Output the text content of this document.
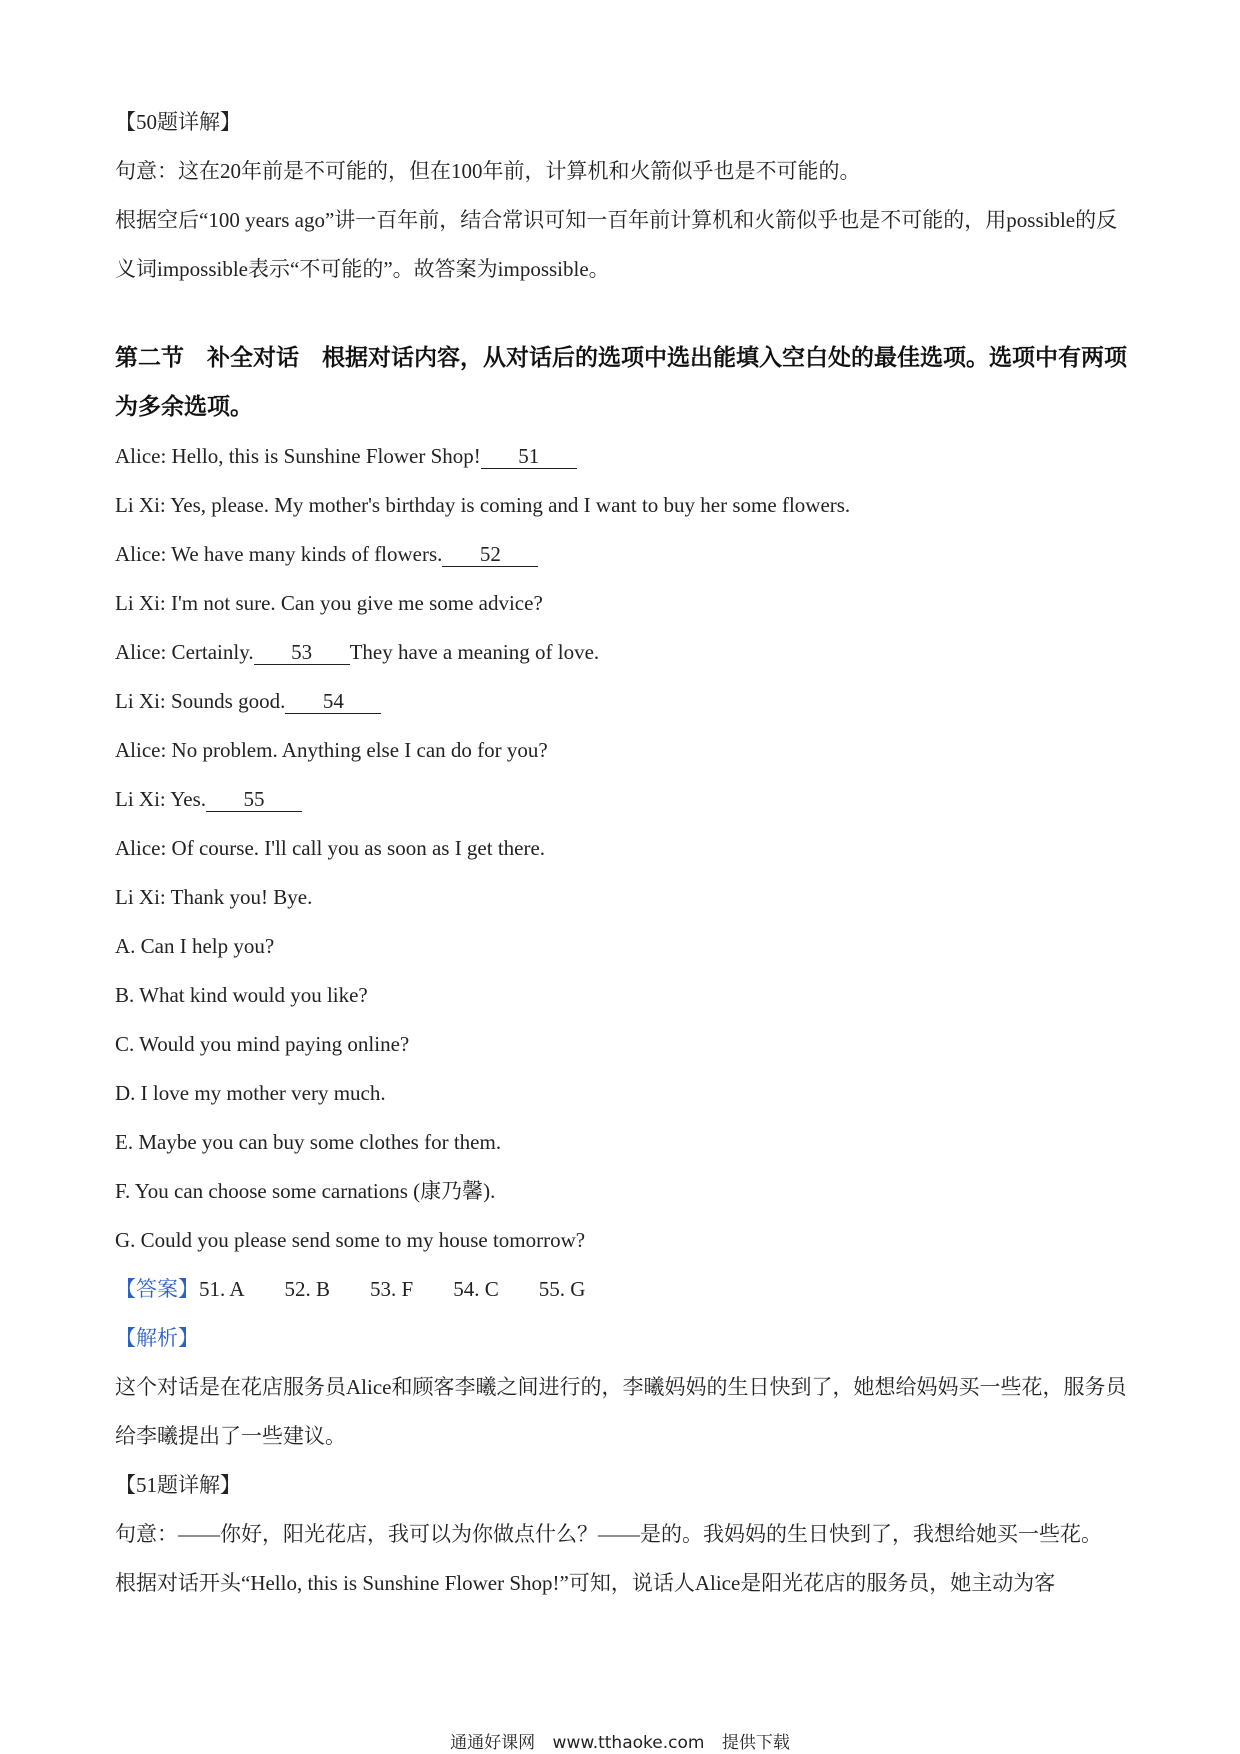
【50题详解】
句意：这在20年前是不可能的，但在100年前，计算机和火箭似乎也是不可能的。
根据空后“100 years ago”讲一百年前，结合常识可知一百年前计算机和火箭似乎也是不可能的，用possible的反义词impossible表示“不可能的”。故答案为impossible。
第二节　补全对话　根据对话内容，从对话后的选项中选出能填入空白处的最佳选项。选项中有两项为多余选项。
Alice: Hello, this is Sunshine Flower Shop! 51
Li Xi: Yes, please. My mother's birthday is coming and I want to buy her some flowers.
Alice: We have many kinds of flowers. 52
Li Xi: I'm not sure. Can you give me some advice?
Alice: Certainly. 53 They have a meaning of love.
Li Xi: Sounds good. 54
Alice: No problem. Anything else I can do for you?
Li Xi: Yes. 55
Alice: Of course. I'll call you as soon as I get there.
Li Xi: Thank you! Bye.
A. Can I help you?
B. What kind would you like?
C. Would you mind paying online?
D. I love my mother very much.
E. Maybe you can buy some clothes for them.
F. You can choose some carnations (康乃馨).
G. Could you please send some to my house tomorrow?
【答案】51. A 52. B 53. F 54. C 55. G
【解析】
这个对话是在花店服务员Alice和顾客李曦之间进行的，李曦妈妈的生日快到了，她想给妈妈买一些花，服务员给李曦提出了一些建议。
【51题详解】
句意：——你好，阳光花店，我可以为你做点什么？——是的。我妈妈的生日快到了，我想给她买一些花。
根据对话开头“Hello, this is Sunshine Flower Shop!”可知，说话人Alice是阳光花店的服务员，她主动为客
通通好课网 www.tthaoke.com 提供下载
